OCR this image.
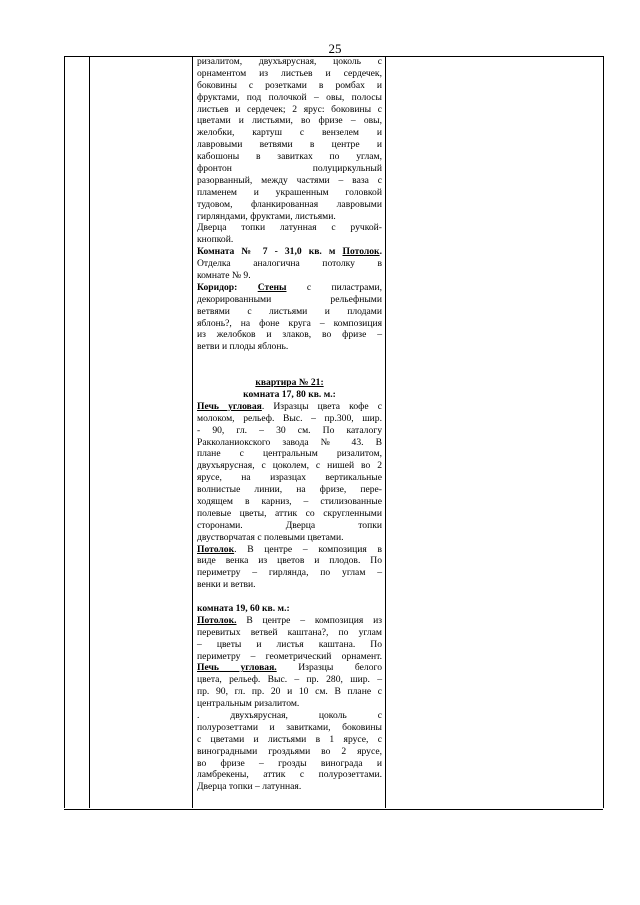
25
ризалитом, двухъярусная, цоколь с
орнаментом из листьев и сердечек,
боковины с розетками в ромбах и
фруктами, под полочкой – овы, полосы
листьев и сердечек; 2 ярус: боковины с
цветами и листьями, во фризе – овы,
желобки, картуш с вензелем и
лавровыми ветвями в центре и
кабошоны в завитках по углам,
фронтон полуциркульный
разорванный, между частями – ваза с
пламенем и украшенным головкой
тудовом, фланкированная лавровыми
гирляндами, фруктами, листьями.
Дверца топки латунная с ручкой-
кнопкой.
Комната № 7 - 31,0 кв. м Потолок.
Отделка аналогична потолку в
комнате № 9.
Коридор: Стены с пиластрами,
декорированными рельефными
ветвями с листьями и плодами
яблонь?, на фоне круга – композиция
из желобков и злаков, во фризе –
ветви и плоды яблонь.
квартира № 21:
комната 17, 80 кв. м.:
Печь угловая. Изразцы цвета кофе с
молоком, рельеф. Выс. – пр.300, шир.
- 90, гл. – 30 см. По каталогу
Ракколаниокского завода № 43. В
плане с центральным ризалитом,
двухъярусная, с цоколем, с нишей во 2
ярусе, на изразцах вертикальные
волнистые линии, на фризе, пере-
ходящем в карниз, – стилизованные
полевые цветы, аттик со скругленными
сторонами. Дверца топки
двустворчатая с полевыми цветами.
Потолок. В центре – композиция в
виде венка из цветов и плодов. По
периметру – гирлянда, по углам –
венки и ветви.
комната 19, 60 кв. м.:
Потолок. В центре – композиция из
перевитых ветвей каштана?, по углам
– цветы и листья каштана. По
периметру – геометрический орнамент.
Печь угловая. Изразцы белого
цвета, рельеф. Выс. – пр. 280, шир. –
пр. 90, гл. пр. 20 и 10 см. В плане с
центральным ризалитом.
. двухъярусная, цоколь с
полурозеттами и завитками, боковины
с цветами и листьями в 1 ярусе, с
виноградными гроздьями во 2 ярусе,
во фризе – грозды винограда и
ламбрекены, аттик с полурозеттами.
Дверца топки – латунная.
